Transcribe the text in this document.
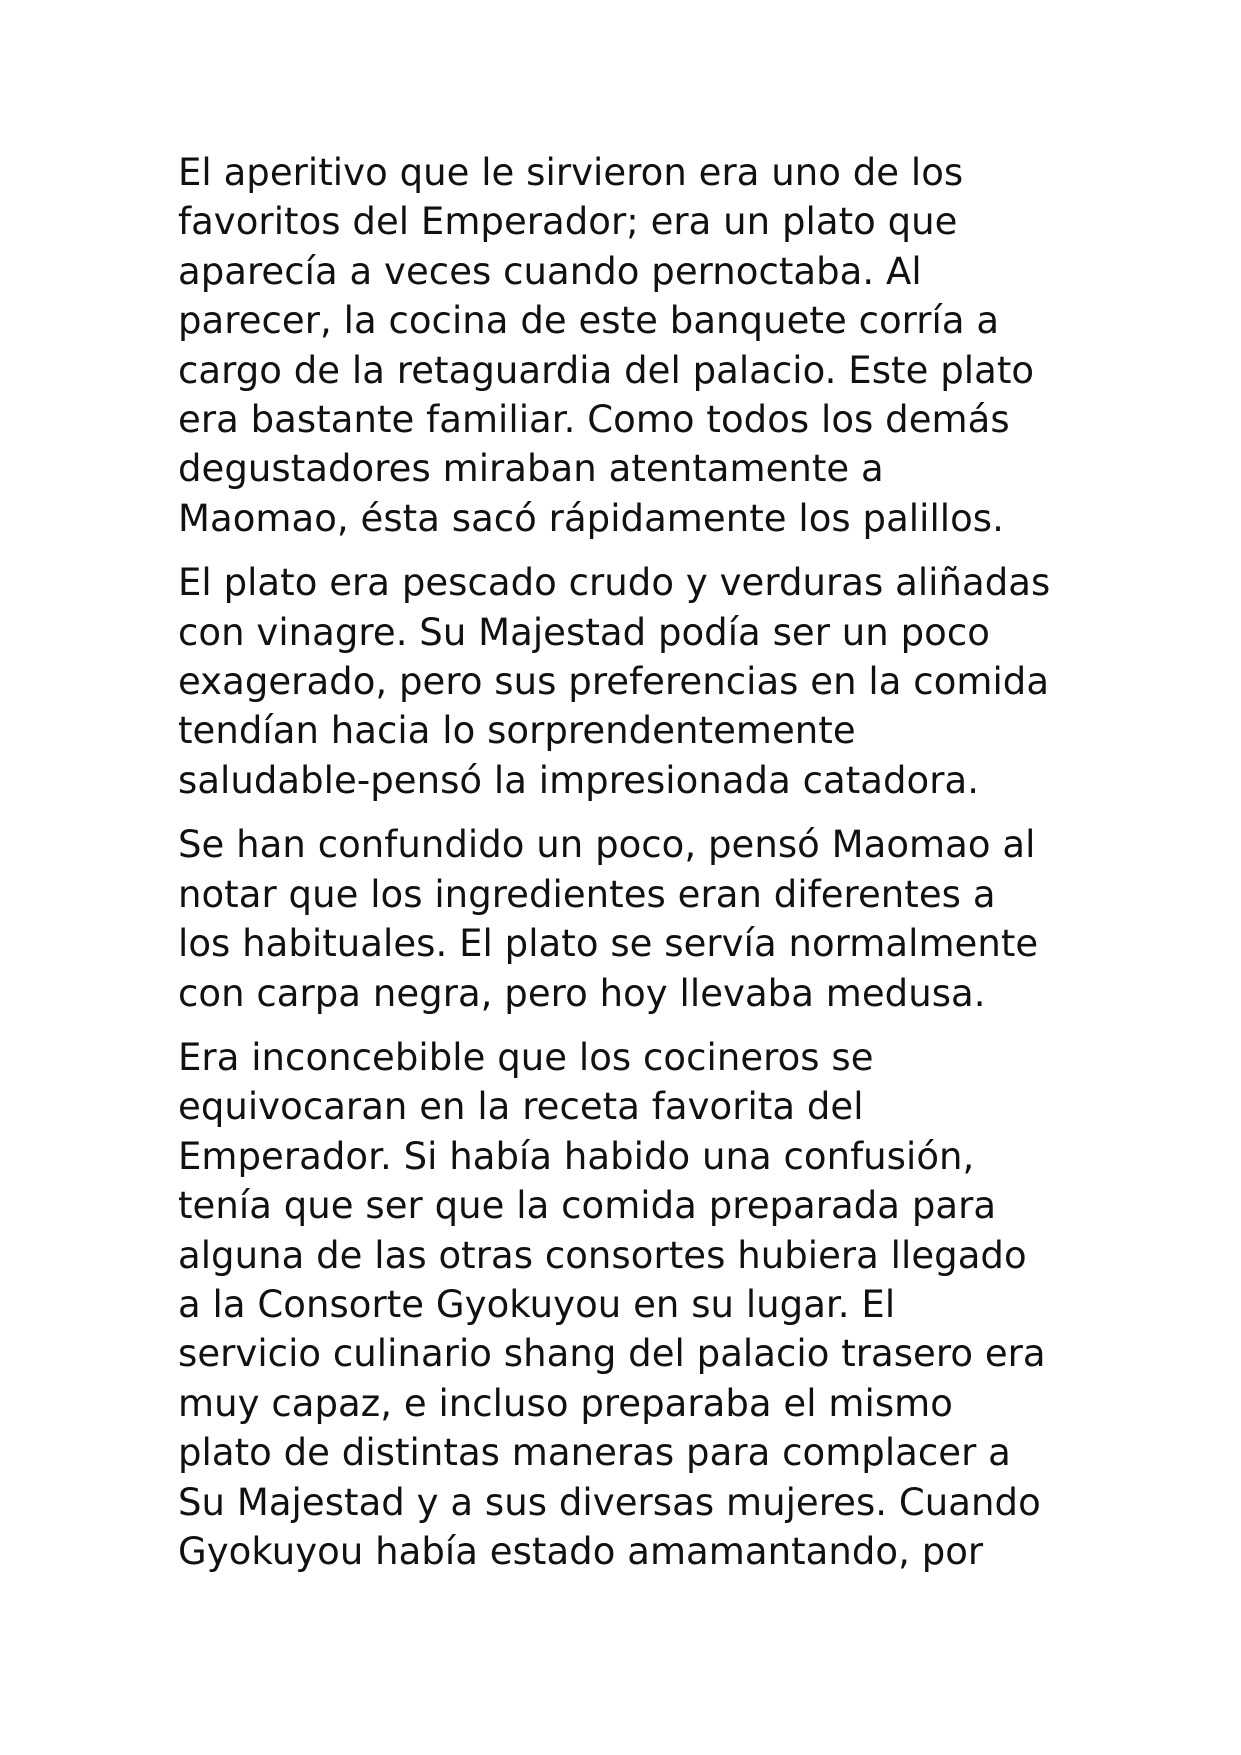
El aperitivo que le sirvieron era uno de los
favoritos del Emperador; era un plato que
aparecía a veces cuando pernoctaba. Al
parecer, la cocina de este banquete corría a
cargo de la retaguardia del palacio. Este plato
era bastante familiar. Como todos los demás
degustadores miraban atentamente a
Maomao, ésta sacó rápidamente los palillos.

El plato era pescado crudo y verduras aliñadas
con vinagre. Su Majestad podía ser un poco
exagerado, pero sus preferencias en la comida
tendían hacia lo sorprendentemente
saludable-pensó la impresionada catadora.

Se han confundido un poco, pensó Maomao al
notar que los ingredientes eran diferentes a
los habituales. El plato se servía normalmente
con carpa negra, pero hoy llevaba medusa.

Era inconcebible que los cocineros se
equivocaran en la receta favorita del
Emperador. Si había habido una confusión,
tenía que ser que la comida preparada para
alguna de las otras consortes hubiera llegado
a la Consorte Gyokuyou en su lugar. El
servicio culinario shang del palacio trasero era
muy capaz, e incluso preparaba el mismo
plato de distintas maneras para complacer a
Su Majestad y a sus diversas mujeres. Cuando
Gyokuyou había estado amamantando, por
